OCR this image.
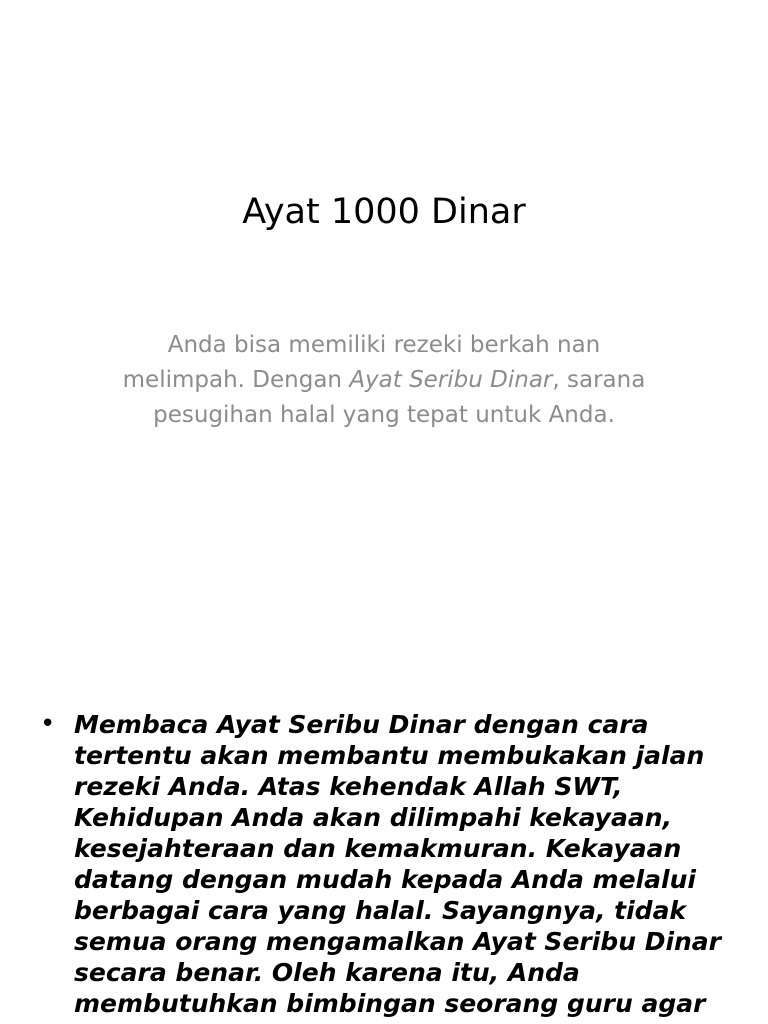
Ayat 1000 Dinar

Anda bisa memiliki rezeki berkah nan melimpah. Dengan Ayat Seribu Dinar, sarana pesugihan halal yang tepat untuk Anda.

• Membaca Ayat Seribu Dinar dengan cara tertentu akan membantu membukakan jalan rezeki Anda. Atas kehendak Allah SWT, Kehidupan Anda akan dilimpahi kekayaan, kesejahteraan dan kemakmuran. Kekayaan datang dengan mudah kepada Anda melalui berbagai cara yang halal. Sayangnya, tidak semua orang mengamalkan Ayat Seribu Dinar secara benar. Oleh karena itu, Anda membutuhkan bimbingan seorang guru agar
